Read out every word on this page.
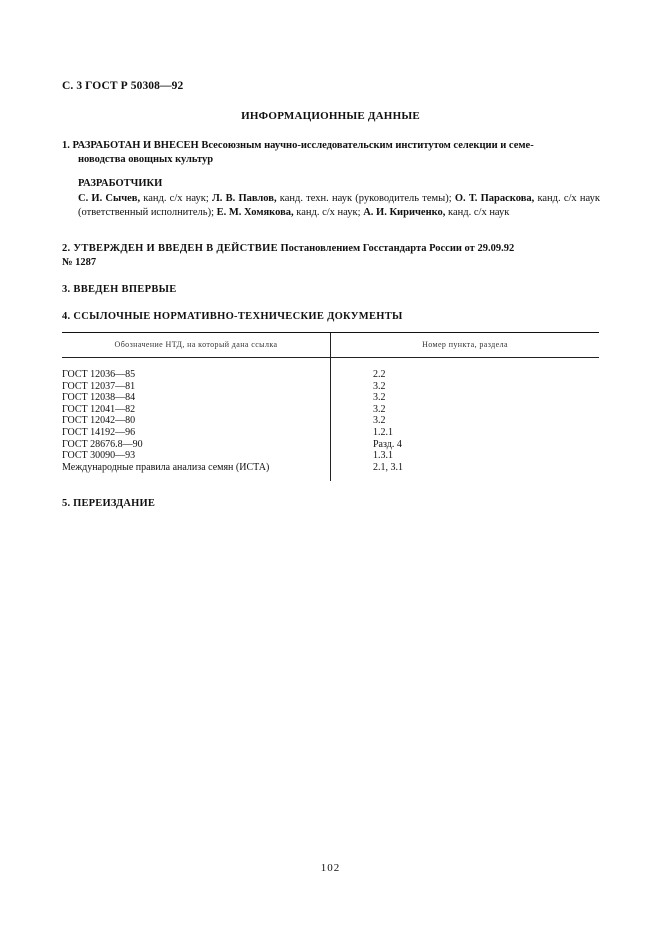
С. 3 ГОСТ Р 50308—92
ИНФОРМАЦИОННЫЕ ДАННЫЕ
1. РАЗРАБОТАН И ВНЕСЕН Всесоюзным научно-исследовательским институтом селекции и семе-
новодства овощных культур
РАЗРАБОТЧИКИ
С. И. Сычев, канд. с/х наук; Л. В. Павлов, канд. техн. наук (руководитель темы); О. Т. Параскова, канд. с/х наук (ответственный исполнитель); Е. М. Хомякова, канд. с/х наук; А. И. Кириченко, канд. с/х наук
2. УТВЕРЖДЕН И ВВЕДЕН В ДЕЙСТВИЕ Постановлением Госстандарта России от 29.09.92
№ 1287
3. ВВЕДЕН ВПЕРВЫЕ
4. ССЫЛОЧНЫЕ НОРМАТИВНО-ТЕХНИЧЕСКИЕ ДОКУМЕНТЫ
Обозначение НТД, на который дана ссылка	Номер пункта, раздела
ГОСТ 12036—85
ГОСТ 12037—81
ГОСТ 12038—84
ГОСТ 12041—82
ГОСТ 12042—80
ГОСТ 14192—96
ГОСТ 28676.8—90
ГОСТ 30090—93
Международные правила анализа семян (ИСТА)
2.2
3.2
3.2
3.2
3.2
1.2.1
Разд. 4
1.3.1
2.1, 3.1
5. ПЕРЕИЗДАНИЕ
102
